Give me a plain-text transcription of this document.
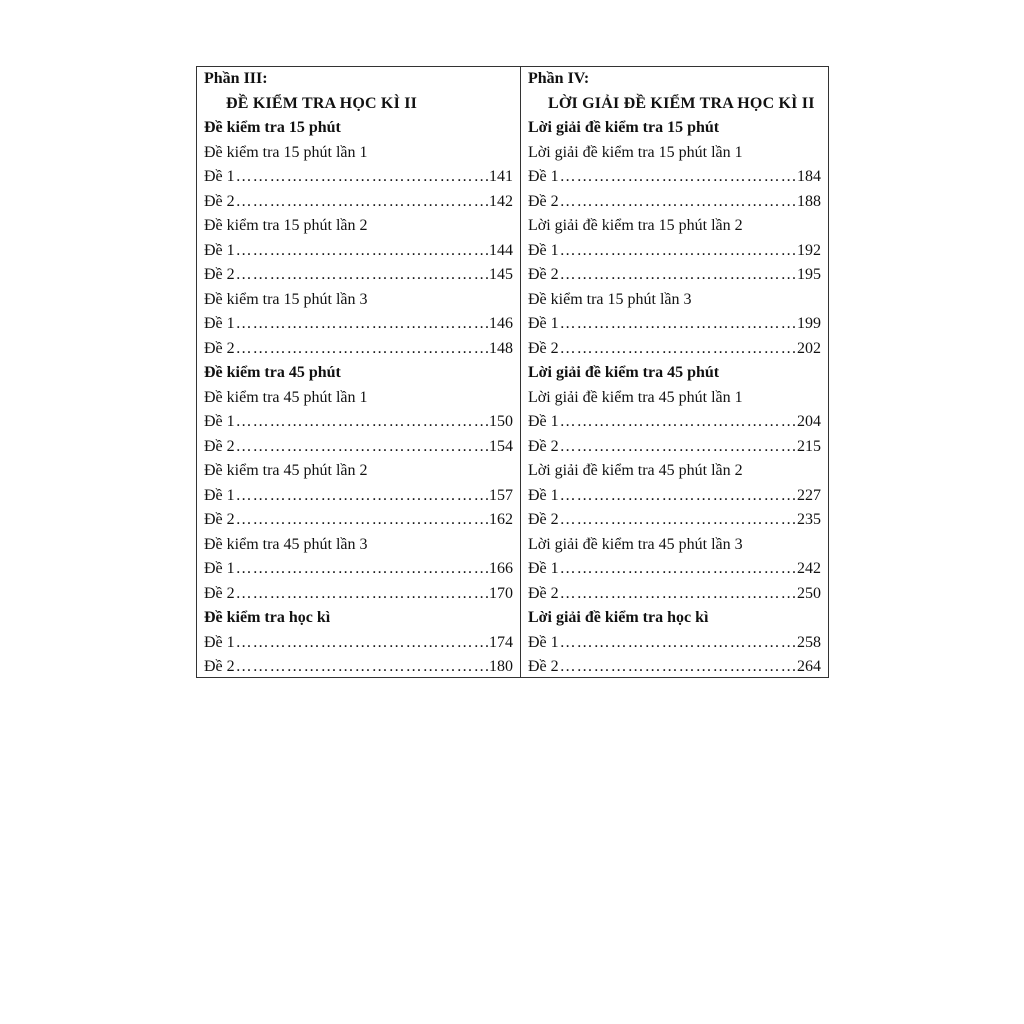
Phần III:
ĐỀ KIỂM TRA HỌC KÌ II
Đề kiểm tra 15 phút
Đề kiểm tra 15 phút lần 1
Đề 1 ……………………………………………………………………………………………………	141
Đề 2 ……………………………………………………………………………………………………	142
Đề kiểm tra 15 phút lần 2
Đề 1 ……………………………………………………………………………………………………	144
Đề 2 ……………………………………………………………………………………………………	145
Đề kiểm tra 15 phút lần 3
Đề 1 ……………………………………………………………………………………………………	146
Đề 2 ……………………………………………………………………………………………………	148
Đề kiểm tra 45 phút
Đề kiểm tra 45 phút lần 1
Đề 1 ……………………………………………………………………………………………………	150
Đề 2 ……………………………………………………………………………………………………	154
Đề kiểm tra 45 phút lần 2
Đề 1 ……………………………………………………………………………………………………	157
Đề 2 ……………………………………………………………………………………………………	162
Đề kiểm tra 45 phút lần 3
Đề 1 ……………………………………………………………………………………………………	166
Đề 2 ……………………………………………………………………………………………………	170
Đề kiểm tra học kì
Đề 1 ……………………………………………………………………………………………………	174
Đề 2 ……………………………………………………………………………………………………	180
Phần IV:
LỜI GIẢI ĐỀ KIỂM TRA HỌC KÌ II
Lời giải đề kiểm tra 15 phút
Lời giải đề kiểm tra 15 phút lần 1
Đề 1 ……………………………………………………………………………………………………	184
Đề 2 ……………………………………………………………………………………………………	188
Lời giải đề kiểm tra 15 phút lần 2
Đề 1 ……………………………………………………………………………………………………	192
Đề 2 ……………………………………………………………………………………………………	195
Đề kiểm tra 15 phút lần 3
Đề 1 ……………………………………………………………………………………………………	199
Đề 2 ……………………………………………………………………………………………………	202
Lời giải đề kiểm tra 45 phút
Lời giải đề kiểm tra 45 phút lần 1
Đề 1 ……………………………………………………………………………………………………	204
Đề 2 ……………………………………………………………………………………………………	215
Lời giải đề kiểm tra 45 phút lần 2
Đề 1 ……………………………………………………………………………………………………	227
Đề 2 ……………………………………………………………………………………………………	235
Lời giải đề kiểm tra 45 phút lần 3
Đề 1 ……………………………………………………………………………………………………	242
Đề 2 ……………………………………………………………………………………………………	250
Lời giải đề kiểm tra học kì
Đề 1 ……………………………………………………………………………………………………	258
Đề 2 ……………………………………………………………………………………………………	264
